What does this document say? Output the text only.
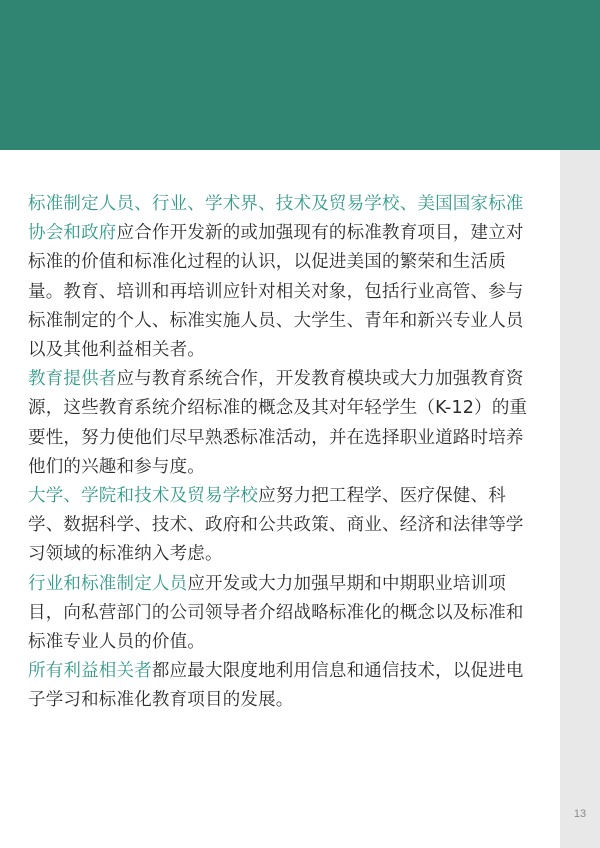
标准制定人员、行业、学术界、技术及贸易学校、美国国家标准协会和政府应合作开发新的或加强现有的标准教育项目，建立对标准的价值和标准化过程的认识，以促进美国的繁荣和生活质量。教育、培训和再培训应针对相关对象，包括行业高管、参与标准制定的个人、标准实施人员、大学生、青年和新兴专业人员以及其他利益相关者。

教育提供者应与教育系统合作，开发教育模块或大力加强教育资源，这些教育系统介绍标准的概念及其对年轻学生（K-12）的重要性，努力使他们尽早熟悉标准活动，并在选择职业道路时培养他们的兴趣和参与度。

大学、学院和技术及贸易学校应努力把工程学、医疗保健、科学、数据科学、技术、政府和公共政策、商业、经济和法律等学习领域的标准纳入考虑。

行业和标准制定人员应开发或大力加强早期和中期职业培训项目，向私营部门的公司领导者介绍战略标准化的概念以及标准和标准专业人员的价值。

所有利益相关者都应最大限度地利用信息和通信技术，以促进电子学习和标准化教育项目的发展。

13
